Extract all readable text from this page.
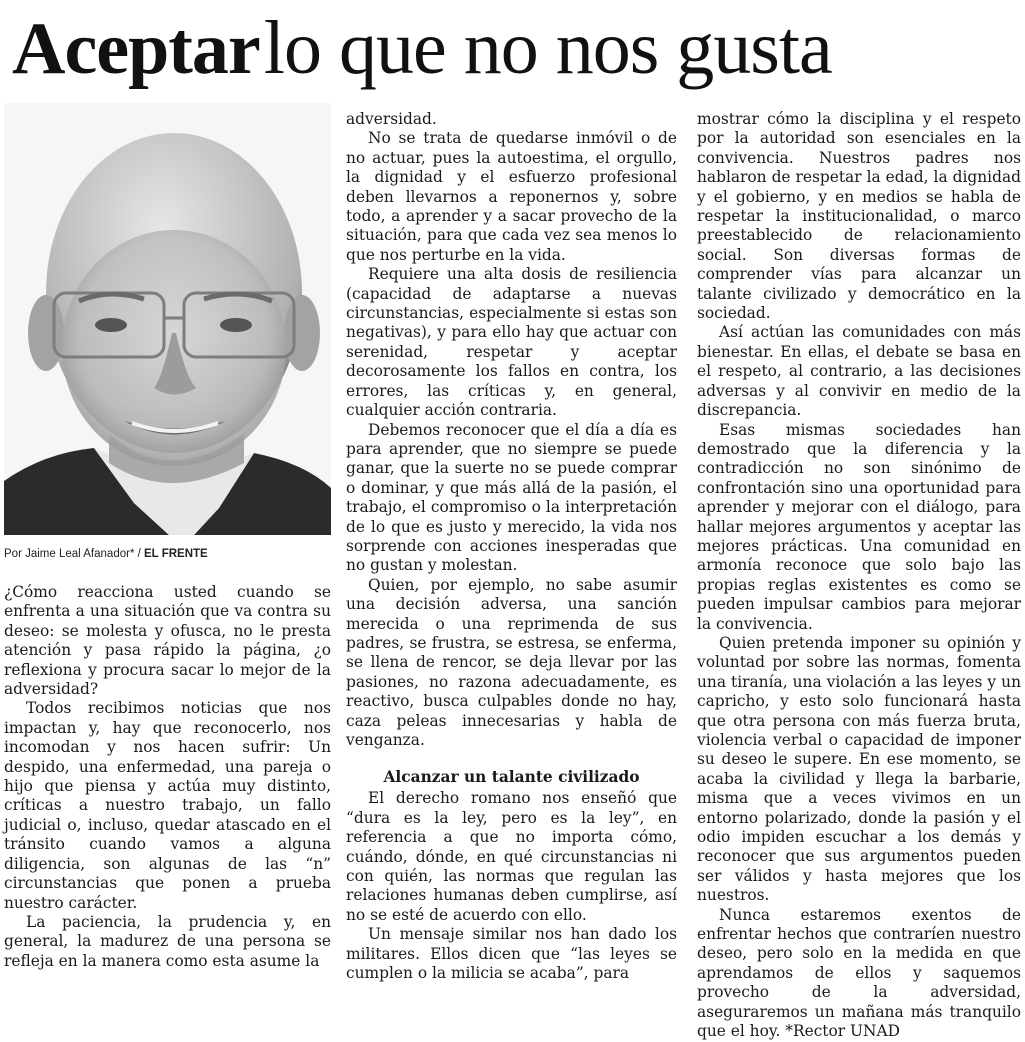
Aceptar lo que no nos gusta
Por Jaime Leal Afanador* / EL FRENTE

¿Cómo reacciona usted cuando se enfrenta a una situación que va contra su deseo: se molesta y ofusca, no le presta atención y pasa rápido la página, ¿o reflexiona y procura sacar lo mejor de la adversidad?

Todos recibimos noticias que nos impactan y, hay que reconocerlo, nos incomodan y nos hacen sufrir: Un despido, una enfermedad, una pareja o hijo que piensa y actúa muy distinto, críticas a nuestro trabajo, un fallo judicial o, incluso, quedar atascado en el tránsito cuando vamos a alguna diligencia, son algunas de las “n” circunstancias que ponen a prueba nuestro carácter.

La paciencia, la prudencia y, en general, la madurez de una persona se refleja en la manera como esta asume la

adversidad.

No se trata de quedarse inmóvil o de no actuar, pues la autoestima, el orgullo, la dignidad y el esfuerzo profesional deben llevarnos a reponernos y, sobre todo, a aprender y a sacar provecho de la situación, para que cada vez sea menos lo que nos perturbe en la vida.

Requiere una alta dosis de resiliencia (capacidad de adaptarse a nuevas circunstancias, especialmente si estas son negativas), y para ello hay que actuar con serenidad, respetar y aceptar decorosamente los fallos en contra, los errores, las críticas y, en general, cualquier acción contraria.

Debemos reconocer que el día a día es para aprender, que no siempre se puede ganar, que la suerte no se puede comprar o dominar, y que más allá de la pasión, el trabajo, el compromiso o la interpretación de lo que es justo y merecido, la vida nos sorprende con acciones inesperadas que no gustan y molestan.

Quien, por ejemplo, no sabe asumir una decisión adversa, una sanción merecida o una reprimenda de sus padres, se frustra, se estresa, se enferma, se llena de rencor, se deja llevar por las pasiones, no razona adecuadamente, es reactivo, busca culpables donde no hay, caza peleas innecesarias y habla de venganza.

Alcanzar un talante civilizado

El derecho romano nos enseñó que “dura es la ley, pero es la ley”, en referencia a que no importa cómo, cuándo, dónde, en qué circunstancias ni con quién, las normas que regulan las relaciones humanas deben cumplirse, así no se esté de acuerdo con ello.

Un mensaje similar nos han dado los militares. Ellos dicen que “las leyes se cumplen o la milicia se acaba”, para

mostrar cómo la disciplina y el respeto por la autoridad son esenciales en la convivencia. Nuestros padres nos hablaron de respetar la edad, la dignidad y el gobierno, y en medios se habla de respetar la institucionalidad, o marco preestablecido de relacionamiento social. Son diversas formas de comprender vías para alcanzar un talante civilizado y democrático en la sociedad.

Así actúan las comunidades con más bienestar. En ellas, el debate se basa en el respeto, al contrario, a las decisiones adversas y al convivir en medio de la discrepancia.

Esas mismas sociedades han demostrado que la diferencia y la contradicción no son sinónimo de confrontación sino una oportunidad para aprender y mejorar con el diálogo, para hallar mejores argumentos y aceptar las mejores prácticas. Una comunidad en armonía reconoce que solo bajo las propias reglas existentes es como se pueden impulsar cambios para mejorar la convivencia.

Quien pretenda imponer su opinión y voluntad por sobre las normas, fomenta una tiranía, una violación a las leyes y un capricho, y esto solo funcionará hasta que otra persona con más fuerza bruta, violencia verbal o capacidad de imponer su deseo le supere. En ese momento, se acaba la civilidad y llega la barbarie, misma que a veces vivimos en un entorno polarizado, donde la pasión y el odio impiden escuchar a los demás y reconocer que sus argumentos pueden ser válidos y hasta mejores que los nuestros.

Nunca estaremos exentos de enfrentar hechos que contraríen nuestro deseo, pero solo en la medida en que aprendamos de ellos y saquemos provecho de la adversidad, aseguraremos un mañana más tranquilo que el hoy. *Rector UNAD
